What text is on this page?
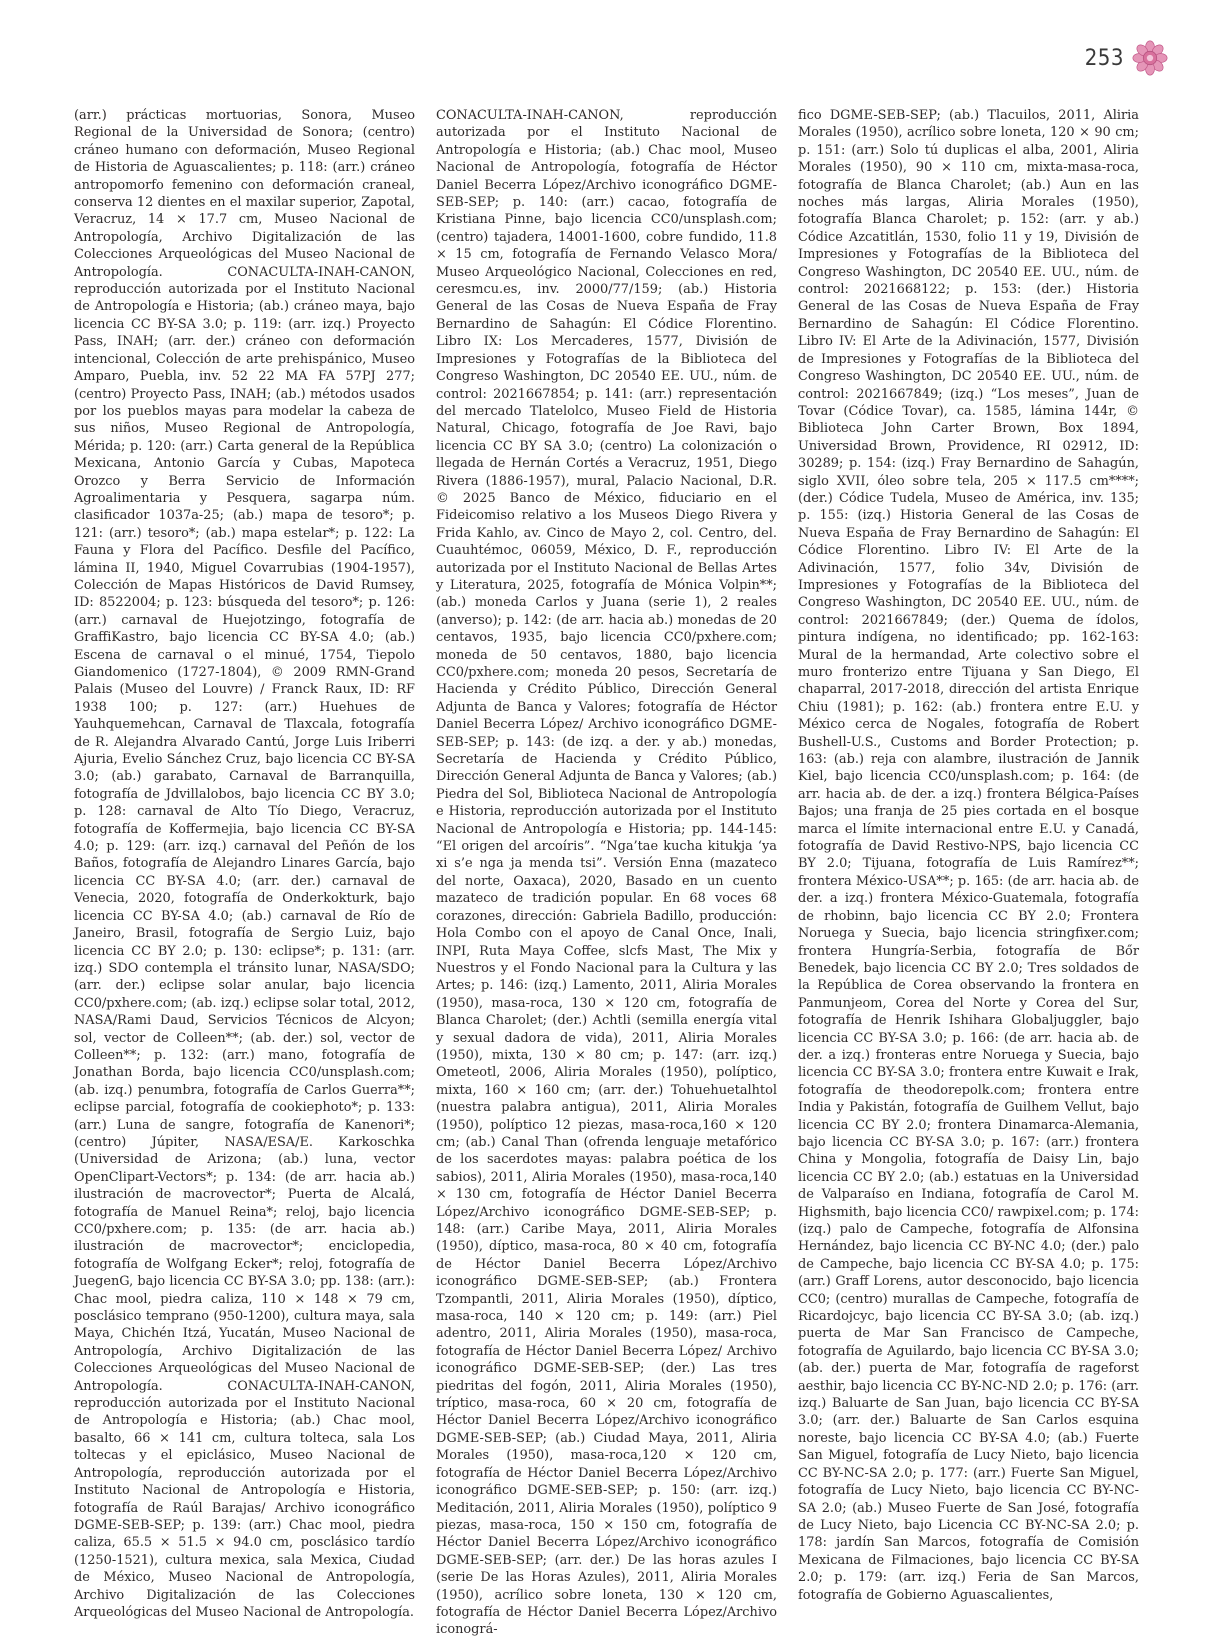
253

(arr.) prácticas mortuorias, Sonora, Museo Regional de la Universidad de Sonora; (centro) cráneo humano con deformación, Museo Regional de Historia de Aguascalientes; p. 118: (arr.) cráneo antropomorfo femenino con deformación craneal, conserva 12 dientes en el maxilar superior, Zapotal, Veracruz, 14 × 17.7 cm, Museo Nacional de Antropología, Archivo Digitalización de las Colecciones Arqueológicas del Museo Nacional de Antropología. CONACULTA-INAH-CANON, reproducción autorizada por el Instituto Nacional de Antropología e Historia; (ab.) cráneo maya, bajo licencia CC BY-SA 3.0; p. 119: (arr. izq.) Proyecto Pass, INAH; (arr. der.) cráneo con deformación intencional, Colección de arte prehispánico, Museo Amparo, Puebla, inv. 52 22 MA FA 57PJ 277; (centro) Proyecto Pass, INAH; (ab.) métodos usados por los pueblos mayas para modelar la cabeza de sus niños, Museo Regional de Antropología, Mérida; p. 120: (arr.) Carta general de la República Mexicana, Antonio García y Cubas, Mapoteca Orozco y Berra Servicio de Información Agroalimentaria y Pesquera, sagarpa núm. clasificador 1037a-25; (ab.) mapa de tesoro*; p. 121: (arr.) tesoro*; (ab.) mapa estelar*; p. 122: La Fauna y Flora del Pacífico. Desfile del Pacífico, lámina II, 1940, Miguel Covarrubias (1904-1957), Colección de Mapas Históricos de David Rumsey, ID: 8522004; p. 123: búsqueda del tesoro*; p. 126: (arr.) carnaval de Huejotzingo, fotografía de GraffiKastro, bajo licencia CC BY-SA 4.0; (ab.) Escena de carnaval o el minué, 1754, Tiepolo Giandomenico (1727-1804), © 2009 RMN-Grand Palais (Museo del Louvre) / Franck Raux, ID: RF 1938 100; p. 127: (arr.) Huehues de Yauhquemehcan, Carnaval de Tlaxcala, fotografía de R. Alejandra Alvarado Cantú, Jorge Luis Iriberri Ajuria, Evelio Sánchez Cruz, bajo licencia CC BY-SA 3.0; (ab.) garabato, Carnaval de Barranquilla, fotografía de Jdvillalobos, bajo licencia CC BY 3.0; p. 128: carnaval de Alto Tío Diego, Veracruz, fotografía de Koffermejia, bajo licencia CC BY-SA 4.0; p. 129: (arr. izq.) carnaval del Peñón de los Baños, fotografía de Alejandro Linares García, bajo licencia CC BY-SA 4.0; (arr. der.) carnaval de Venecia, 2020, fotografía de Onderkokturk, bajo licencia CC BY-SA 4.0; (ab.) carnaval de Río de Janeiro, Brasil, fotografía de Sergio Luiz, bajo licencia CC BY 2.0; p. 130: eclipse*; p. 131: (arr. izq.) SDO contempla el tránsito lunar, NASA/SDO; (arr. der.) eclipse solar anular, bajo licencia CC0/pxhere.com; (ab. izq.) eclipse solar total, 2012, NASA/Rami Daud, Servicios Técnicos de Alcyon; sol, vector de Colleen**; (ab. der.) sol, vector de Colleen**; p. 132: (arr.) mano, fotografía de Jonathan Borda, bajo licencia CC0/unsplash.com; (ab. izq.) penumbra, fotografía de Carlos Guerra**; eclipse parcial, fotografía de cookiephoto*; p. 133: (arr.) Luna de sangre, fotografía de Kanenori*; (centro) Júpiter, NASA/ESA/E. Karkoschka (Universidad de Arizona; (ab.) luna, vector OpenClipart-Vectors*; p. 134: (de arr. hacia ab.) ilustración de macrovector*; Puerta de Alcalá, fotografía de Manuel Reina*; reloj, bajo licencia CC0/pxhere.com; p. 135: (de arr. hacia ab.) ilustración de macrovector*; enciclopedia, fotografía de Wolfgang Ecker*; reloj, fotografía de JuegenG, bajo licencia CC BY-SA 3.0; pp. 138: (arr.): Chac mool, piedra caliza, 110 × 148 × 79 cm, posclásico temprano (950-1200), cultura maya, sala Maya, Chichén Itzá, Yucatán, Museo Nacional de Antropología, Archivo Digitalización de las Colecciones Arqueológicas del Museo Nacional de Antropología. CONACULTA-INAH-CANON, reproducción autorizada por el Instituto Nacional de Antropología e Historia; (ab.) Chac mool, basalto, 66 × 141 cm, cultura tolteca, sala Los toltecas y el epiclásico, Museo Nacional de Antropología, reproducción autorizada por el Instituto Nacional de Antropología e Historia, fotografía de Raúl Barajas/ Archivo iconográfico DGME-SEB-SEP; p. 139: (arr.) Chac mool, piedra caliza, 65.5 × 51.5 × 94.0 cm, posclásico tardío (1250-1521), cultura mexica, sala Mexica, Ciudad de México, Museo Nacional de Antropología, Archivo Digitalización de las Colecciones Arqueológicas del Museo Nacional de Antropología.

CONACULTA-INAH-CANON, reproducción autorizada por el Instituto Nacional de Antropología e Historia; (ab.) Chac mool, Museo Nacional de Antropología, fotografía de Héctor Daniel Becerra López/Archivo iconográfico DGME-SEB-SEP; p. 140: (arr.) cacao, fotografía de Kristiana Pinne, bajo licencia CC0/unsplash.com; (centro) tajadera, 14001-1600, cobre fundido, 11.8 × 15 cm, fotografía de Fernando Velasco Mora/ Museo Arqueológico Nacional, Colecciones en red, ceresmcu.es, inv. 2000/77/159; (ab.) Historia General de las Cosas de Nueva España de Fray Bernardino de Sahagún: El Códice Florentino. Libro IX: Los Mercaderes, 1577, División de Impresiones y Fotografías de la Biblioteca del Congreso Washington, DC 20540 EE. UU., núm. de control: 2021667854; p. 141: (arr.) representación del mercado Tlatelolco, Museo Field de Historia Natural, Chicago, fotografía de Joe Ravi, bajo licencia CC BY SA 3.0; (centro) La colonización o llegada de Hernán Cortés a Veracruz, 1951, Diego Rivera (1886-1957), mural, Palacio Nacional, D.R. © 2025 Banco de México, fiduciario en el Fideicomiso relativo a los Museos Diego Rivera y Frida Kahlo, av. Cinco de Mayo 2, col. Centro, del. Cuauhtémoc, 06059, México, D. F., reproducción autorizada por el Instituto Nacional de Bellas Artes y Literatura, 2025, fotografía de Mónica Volpin**; (ab.) moneda Carlos y Juana (serie 1), 2 reales (anverso); p. 142: (de arr. hacia ab.) monedas de 20 centavos, 1935, bajo licencia CC0/pxhere.com; moneda de 50 centavos, 1880, bajo licencia CC0/pxhere.com; moneda 20 pesos, Secretaría de Hacienda y Crédito Público, Dirección General Adjunta de Banca y Valores; fotografía de Héctor Daniel Becerra López/ Archivo iconográfico DGME-SEB-SEP; p. 143: (de izq. a der. y ab.) monedas, Secretaría de Hacienda y Crédito Público, Dirección General Adjunta de Banca y Valores; (ab.) Piedra del Sol, Biblioteca Nacional de Antropología e Historia, reproducción autorizada por el Instituto Nacional de Antropología e Historia; pp. 144-145: “El origen del arcoíris”. “Nga’tae kucha kitukja ‘ya xi s’e nga ja menda tsi”. Versión Enna (mazateco del norte, Oaxaca), 2020, Basado en un cuento mazateco de tradición popular. En 68 voces 68 corazones, dirección: Gabriela Badillo, producción: Hola Combo con el apoyo de Canal Once, Inali, INPI, Ruta Maya Coffee, slcfs Mast, The Mix y Nuestros y el Fondo Nacional para la Cultura y las Artes; p. 146: (izq.) Lamento, 2011, Aliria Morales (1950), masa-roca, 130 × 120 cm, fotografía de Blanca Charolet; (der.) Achtli (semilla energía vital y sexual dadora de vida), 2011, Aliria Morales (1950), mixta, 130 × 80 cm; p. 147: (arr. izq.) Ometeotl, 2006, Aliria Morales (1950), políptico, mixta, 160 × 160 cm; (arr. der.) Tohuehuetalhtol (nuestra palabra antigua), 2011, Aliria Morales (1950), políptico 12 piezas, masa-roca,160 × 120 cm; (ab.) Canal Than (ofrenda lenguaje metafórico de los sacerdotes mayas: palabra poética de los sabios), 2011, Aliria Morales (1950), masa-roca,140 × 130 cm, fotografía de Héctor Daniel Becerra López/Archivo iconográfico DGME-SEB-SEP; p. 148: (arr.) Caribe Maya, 2011, Aliria Morales (1950), díptico, masa-roca, 80 × 40 cm, fotografía de Héctor Daniel Becerra López/Archivo iconográfico DGME-SEB-SEP; (ab.) Frontera Tzompantli, 2011, Aliria Morales (1950), díptico, masa-roca, 140 × 120 cm; p. 149: (arr.) Piel adentro, 2011, Aliria Morales (1950), masa-roca, fotografía de Héctor Daniel Becerra López/ Archivo iconográfico DGME-SEB-SEP; (der.) Las tres piedritas del fogón, 2011, Aliria Morales (1950), tríptico, masa-roca, 60 × 20 cm, fotografía de Héctor Daniel Becerra López/Archivo iconográfico DGME-SEB-SEP; (ab.) Ciudad Maya, 2011, Aliria Morales (1950), masa-roca,120 × 120 cm, fotografía de Héctor Daniel Becerra López/Archivo iconográfico DGME-SEB-SEP; p. 150: (arr. izq.) Meditación, 2011, Aliria Morales (1950), políptico 9 piezas, masa-roca, 150 × 150 cm, fotografía de Héctor Daniel Becerra López/Archivo iconográfico DGME-SEB-SEP; (arr. der.) De las horas azules I (serie De las Horas Azules), 2011, Aliria Morales (1950), acrílico sobre loneta, 130 × 120 cm, fotografía de Héctor Daniel Becerra López/Archivo iconográ-

fico DGME-SEB-SEP; (ab.) Tlacuilos, 2011, Aliria Morales (1950), acrílico sobre loneta, 120 × 90 cm; p. 151: (arr.) Solo tú duplicas el alba, 2001, Aliria Morales (1950), 90 × 110 cm, mixta-masa-roca, fotografía de Blanca Charolet; (ab.) Aun en las noches más largas, Aliria Morales (1950), fotografía Blanca Charolet; p. 152: (arr. y ab.) Códice Azcatitlán, 1530, folio 11 y 19, División de Impresiones y Fotografías de la Biblioteca del Congreso Washington, DC 20540 EE. UU., núm. de control: 2021668122; p. 153: (der.) Historia General de las Cosas de Nueva España de Fray Bernardino de Sahagún: El Códice Florentino. Libro IV: El Arte de la Adivinación, 1577, División de Impresiones y Fotografías de la Biblioteca del Congreso Washington, DC 20540 EE. UU., núm. de control: 2021667849; (izq.) “Los meses”, Juan de Tovar (Códice Tovar), ca. 1585, lámina 144r, © Biblioteca John Carter Brown, Box 1894, Universidad Brown, Providence, RI 02912, ID: 30289; p. 154: (izq.) Fray Bernardino de Sahagún, siglo XVII, óleo sobre tela, 205 × 117.5 cm****; (der.) Códice Tudela, Museo de América, inv. 135; p. 155: (izq.) Historia General de las Cosas de Nueva España de Fray Bernardino de Sahagún: El Códice Florentino. Libro IV: El Arte de la Adivinación, 1577, folio 34v, División de Impresiones y Fotografías de la Biblioteca del Congreso Washington, DC 20540 EE. UU., núm. de control: 2021667849; (der.) Quema de ídolos, pintura indígena, no identificado; pp. 162-163: Mural de la hermandad, Arte colectivo sobre el muro fronterizo entre Tijuana y San Diego, El chaparral, 2017-2018, dirección del artista Enrique Chiu (1981); p. 162: (ab.) frontera entre E.U. y México cerca de Nogales, fotografía de Robert Bushell-U.S., Customs and Border Protection; p. 163: (ab.) reja con alambre, ilustración de Jannik Kiel, bajo licencia CC0/unsplash.com; p. 164: (de arr. hacia ab. de der. a izq.) frontera Bélgica-Países Bajos; una franja de 25 pies cortada en el bosque marca el límite internacional entre E.U. y Canadá, fotografía de David Restivo-NPS, bajo licencia CC BY 2.0; Tijuana, fotografía de Luis Ramírez**; frontera México-USA**; p. 165: (de arr. hacia ab. de der. a izq.) frontera México-Guatemala, fotografía de rhobinn, bajo licencia CC BY 2.0; Frontera Noruega y Suecia, bajo licencia stringfixer.com; frontera Hungría-Serbia, fotografía de Bőr Benedek, bajo licencia CC BY 2.0; Tres soldados de la República de Corea observando la frontera en Panmunjeom, Corea del Norte y Corea del Sur, fotografía de Henrik Ishihara Globaljuggler, bajo licencia CC BY-SA 3.0; p. 166: (de arr. hacia ab. de der. a izq.) fronteras entre Noruega y Suecia, bajo licencia CC BY-SA 3.0; frontera entre Kuwait e Irak, fotografía de theodorepolk.com; frontera entre India y Pakistán, fotografía de Guilhem Vellut, bajo licencia CC BY 2.0; frontera Dinamarca-Alemania, bajo licencia CC BY-SA 3.0; p. 167: (arr.) frontera China y Mongolia, fotografía de Daisy Lin, bajo licencia CC BY 2.0; (ab.) estatuas en la Universidad de Valparaíso en Indiana, fotografía de Carol M. Highsmith, bajo licencia CC0/ rawpixel.com; p. 174: (izq.) palo de Campeche, fotografía de Alfonsina Hernández, bajo licencia CC BY-NC 4.0; (der.) palo de Campeche, bajo licencia CC BY-SA 4.0; p. 175: (arr.) Graff Lorens, autor desconocido, bajo licencia CC0; (centro) murallas de Campeche, fotografía de Ricardojcyc, bajo licencia CC BY-SA 3.0; (ab. izq.) puerta de Mar San Francisco de Campeche, fotografía de Aguilardo, bajo licencia CC BY-SA 3.0; (ab. der.) puerta de Mar, fotografía de rageforst aesthir, bajo licencia CC BY-NC-ND 2.0; p. 176: (arr. izq.) Baluarte de San Juan, bajo licencia CC BY-SA 3.0; (arr. der.) Baluarte de San Carlos esquina noreste, bajo licencia CC BY-SA 4.0; (ab.) Fuerte San Miguel, fotografía de Lucy Nieto, bajo licencia CC BY-NC-SA 2.0; p. 177: (arr.) Fuerte San Miguel, fotografía de Lucy Nieto, bajo licencia CC BY-NC-SA 2.0; (ab.) Museo Fuerte de San José, fotografía de Lucy Nieto, bajo Licencia CC BY-NC-SA 2.0; p. 178: jardín San Marcos, fotografía de Comisión Mexicana de Filmaciones, bajo licencia CC BY-SA 2.0; p. 179: (arr. izq.) Feria de San Marcos, fotografía de Gobierno Aguascalientes,
